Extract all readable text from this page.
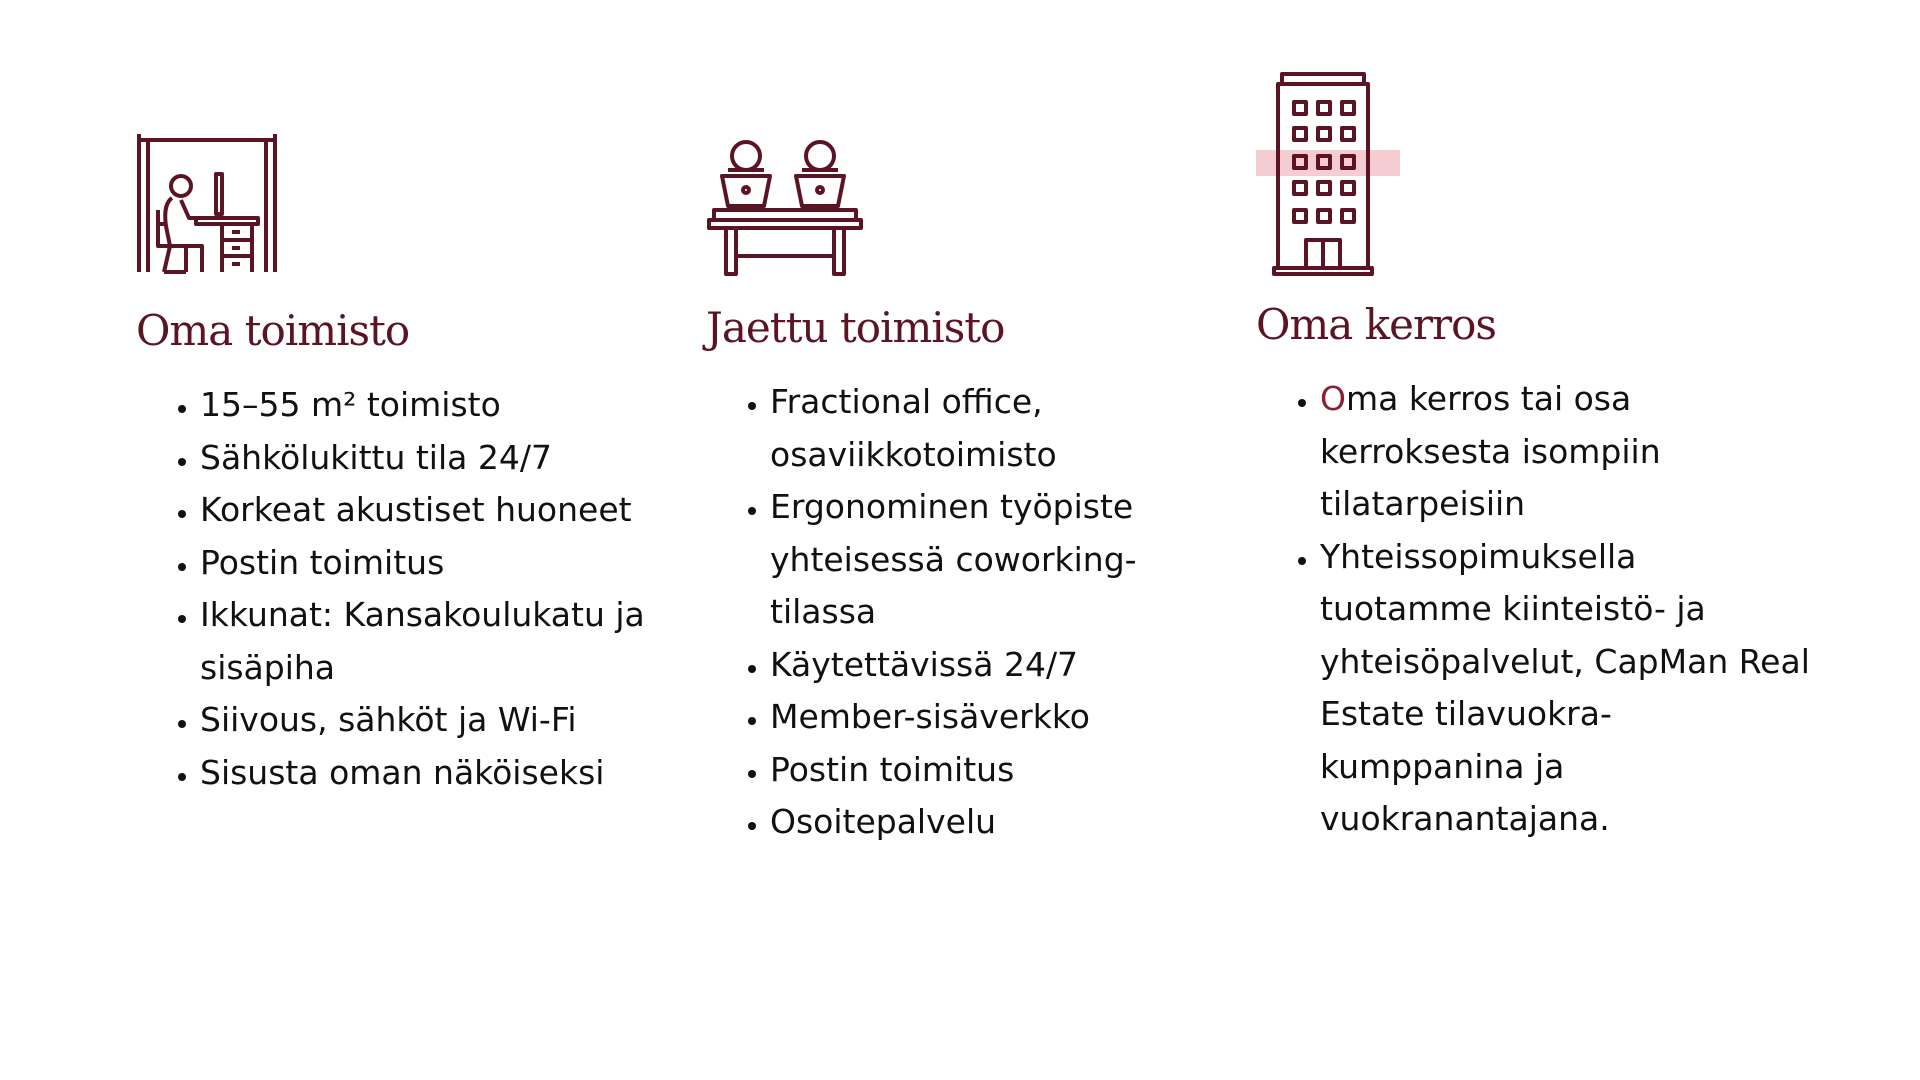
Oma toimisto
• 15–55 m² toimisto
• Sähkölukittu tila 24/7
• Korkeat akustiset huoneet
• Postin toimitus
• Ikkunat: Kansakoulukatu ja sisäpiha
• Siivous, sähköt ja Wi-Fi
• Sisusta oman näköiseksi
Jaettu toimisto
• Fractional office, osaviikkotoimisto
• Ergonominen työpiste yhteisessä coworking-tilassa
• Käytettävissä 24/7
• Member-sisäverkko
• Postin toimitus
• Osoitepalvelu
Oma kerros
• Oma kerros tai osa kerroksesta isompiin tilatarpeisiin
• Yhteissopimuksella tuotamme kiinteistö- ja yhteisöpalvelut, CapMan Real Estate tilavuokra-kumppanina ja vuokranantajana.
